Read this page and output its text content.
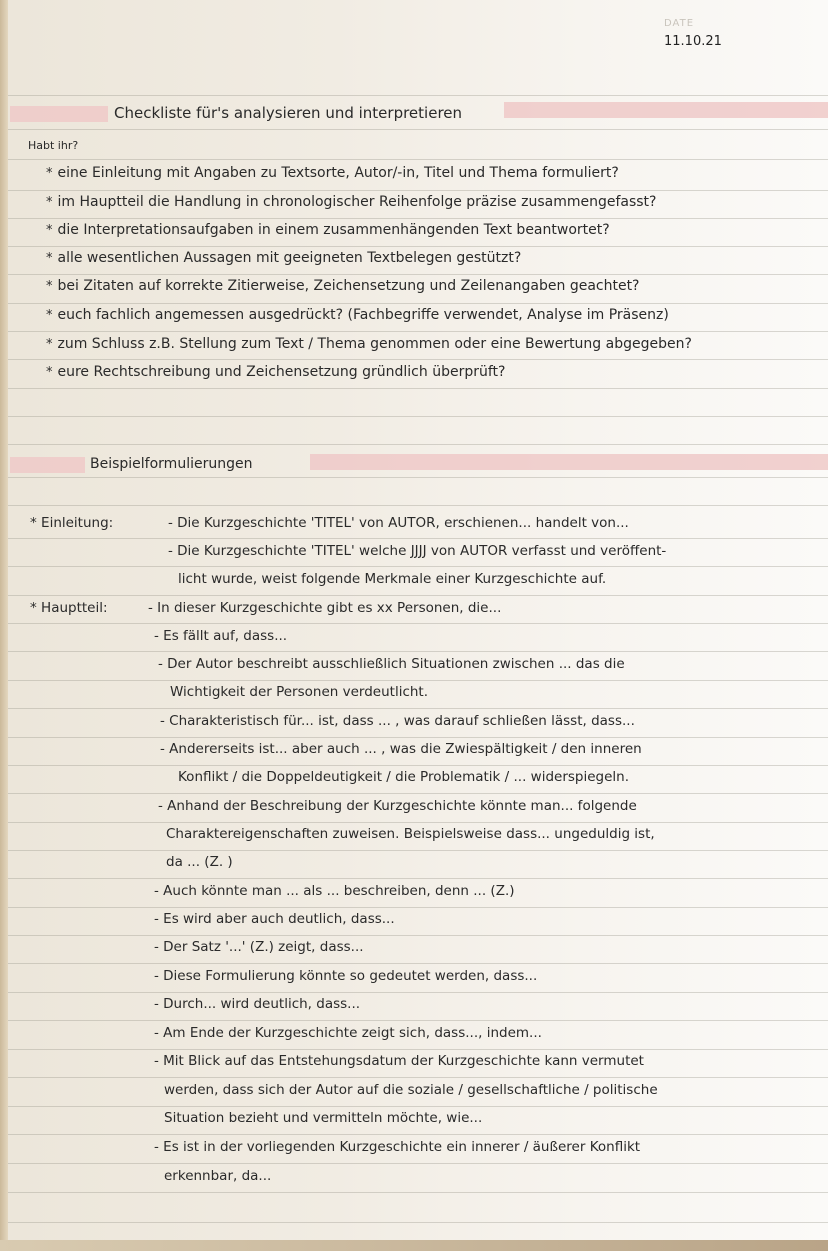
DATE
11.10.21
Checkliste für's analysieren und interpretieren
Habt ihr?
* eine Einleitung mit Angaben zu Textsorte, Autor/-in, Titel und Thema formuliert?
* im Hauptteil die Handlung in chronologischer Reihenfolge präzise zusammengefasst?
* die Interpretationsaufgaben in einem zusammenhängenden Text beantwortet?
* alle wesentlichen Aussagen mit geeigneten Textbelegen gestützt?
* bei Zitaten auf korrekte Zitierweise, Zeichensetzung und Zeilenangaben geachtet?
* euch fachlich angemessen ausgedrückt? (Fachbegriffe verwendet, Analyse im Präsenz)
* zum Schluss z.B. Stellung zum Text / Thema genommen oder eine Bewertung abgegeben?
* eure Rechtschreibung und Zeichensetzung gründlich überprüft?
Beispielformulierungen
* Einleitung:	- Die Kurzgeschichte 'TITEL' von AUTOR, erschienen... handelt von...
- Die Kurzgeschichte 'TITEL' welche JJJJ von AUTOR verfasst und veröffent-
licht wurde, weist folgende Merkmale einer Kurzgeschichte auf.
* Hauptteil:	- In dieser Kurzgeschichte gibt es xx Personen, die...
- Es fällt auf, dass...
- Der Autor beschreibt ausschließlich Situationen zwischen ... das die
Wichtigkeit der Personen verdeutlicht.
- Charakteristisch für... ist, dass ... , was darauf schließen lässt, dass...
- Andererseits ist... aber auch ... , was die Zwiespältigkeit / den inneren
Konflikt / die Doppeldeutigkeit / die Problematik / ... widerspiegeln.
- Anhand der Beschreibung der Kurzgeschichte könnte man... folgende
Charaktereigenschaften zuweisen. Beispielsweise dass... ungeduldig ist,
da ... (Z. )
- Auch könnte man ... als ... beschreiben, denn ... (Z.)
- Es wird aber auch deutlich, dass...
- Der Satz '...' (Z.) zeigt, dass...
- Diese Formulierung könnte so gedeutet werden, dass...
- Durch... wird deutlich, dass...
- Am Ende der Kurzgeschichte zeigt sich, dass..., indem...
- Mit Blick auf das Entstehungsdatum der Kurzgeschichte kann vermutet
werden, dass sich der Autor auf die soziale / gesellschaftliche / politische
Situation bezieht und vermitteln möchte, wie...
- Es ist in der vorliegenden Kurzgeschichte ein innerer / äußerer Konflikt
erkennbar, da...
